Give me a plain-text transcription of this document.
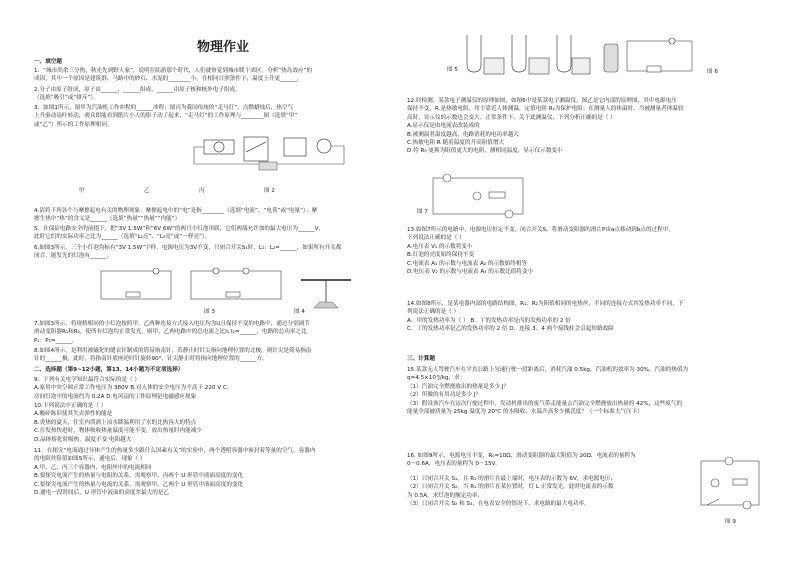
物理作业

一、填空题

1．“城市尚余三分热，秋光先到野人家”，说明在陆游那个时代，人们就察觉到城市暖于郊区。分析“热岛效应”的

成因，其中一个原因是建筑群、马路中的砂石、水泥的________小，在相同日照条件下，温度上升更______。

2.分子由原子组成，原子由______、______组成，______由原子核和核外电子组成。

（选填“吸引”或“排斥”）。

3．如图1所示，图甲为汽油机工作冲程的______冲程；图丙为我国传统的“走马灯”，点燃蜡烛后，热空气

上升驱动扇叶转动，观众即能看到纸片小人的影子动了起来，“走马灯”的工作原理与________图（选填“甲”

或“乙”）所示的工作原理相同。

甲	乙	丙	图 2

4.请将下列各个与摩擦起电有关的物理现象：摩擦起电中的“电”是指________（选填“电流”、“电荷”或“电量”）；摩

擦生热中“热”的含义是______（选填“热量”“热量”“内能”）

5．在保证电路安全的前提下，把“3V 1.5W”和“6V 6W”的两只小灯泡串联，它们两端允许加的最大电压为______V，

此时它们的实际功率之比为______（选填“L₁亮”、“L₂亮”或“一样亮”）。

6.如图3所示，三个小灯泡均标有“3V 1.5W”字样，电源电压为3V不变，只闭合开关S₁时，L₁：L₂=______，如果所有开关都

闭合，能发光的灯泡有______。

图 3	图 4

7.如图3所示，将规格相同的小灯泡按照甲、乙两种连接方式接入电压均为U且保持不变的电路中，通过分别调节

滑动变阻器R₁和R₂，使所有灯泡均正常发光，则甲、乙两电路中的总电流之比I₁:I₂=______，电路的总功率之比

P₁：P₂=______。

8.如图4所示，是利用被磁化的缝衣针制成的简易指南针，若静止时针尖指向地理位置的北极，则针尖是简易指南

针的______极，此时，将指南针底座逆时针旋转90°，针尖静止时将指向地理位置的______方。

二、选择题（第9~12小题，第13、14小题为不定项选择）

9．下列有关电学知识最符合实际的是（ ）

A.家用中央空调正常工作电压为 380V B.对人体的安全电压为不高于 220 V C.

房间灯泡中的电流约为 0.2A D.电风扇的工作原理是电磁感应现象

10.下列说法中正确的是（ ）

A.酸碎陈旧使其失去弹性的能是

B.炎热的夏天，往室内泼洒上凉水降温利用了水的比热容大的特点

C.在发热快进时，物体吸收热量温度可能不变，放出热量时内能减少

D.晶体熔化时吸热，温度不变 电阻越大

11．在探究“电流通过导体产生的热量多少跟什么因素有关”的实验中，两个透明容器中密封着等量的空气，容器内

的电阻丝阻值如图5所示，通电后，现象（ ）

A.甲、乙、丙三个容器内，电阻丝中的电流相同

B.要探究电流产生的热量与电阻的关系，需观察甲、丙两个 U 形管中液面高度的变化

C.要探究电流产生的热量与电流的关系，需观察甲、乙两个 U 形管中液面高度的变化

D.通电一段时间后，U 形管中液面的高度差最大的是乙

图 5	图 6

12.经检测，某款电子测温仪的原理如图，如图6中是某款电子测温仪，图乙是它内部的原理图，其中电源电压

保持不变，R 是热敏电阻，用于靠近人体测温，定值电阻 R₀为保护电阻；在测量人的体温时，当被测量者体温较

高时，显示仪的示数也会变大。正常条件下，关于此测温仪，下列分析正确的是（ ）

A.显示仪是由电流表改装成的

B.被测温者温度越高，电路消耗的电功率越大

C.热敏电阻 R 随着温度的升高阻值增大

D 将 R₀ 更换为阻值更大的电阻，测相同温度，显示仪示数变小

图 7

13.如图7所示的电路中，电源电压恒定不变，闭合开关S，将滑动变阻器的滑片P由a点移动到b点的过程中，

下列说法正确的是（ ）

A.电压表 V₁ 的示数将变小

B.灯泡的亮度始终保持不变

C.电流表 A₁ 的示数与电流表 A₂ 的示数始终相等

D.电压表 V₂ 的示数与电流表 A₃ 的示数比值将变小

14.如图8所示，是某电器内部的电路结构图，R₁、R₂为阻值相同的电热丝，不同的连接方式其发热功率不同，下

列说法正确的是（ ）

A．甲的发热功率为（ ） B．丁的发热功率是丙的发热功率的 2 倍

C．丁的发热功率是乙的发热功率的 2 倍 D．连接 3、4 两个接线柱会引起短路故障

三、计算题

15.某款无人驾驶汽车在平直公路上匀速行驶一段距离后，消耗汽油 0.5kg，汽油机的效率为 30%，汽油的热值为

q=4.5×10⁷J/kg，求：

（1）汽油完全燃烧放出的热量是多少 J？

（2）所做的有用功是多少 J？

（3）假设该汽车在这次行驶过程中，发动机排出的废气带走能量占汽油完全燃烧放出热量的 42%，这些废气的

能量全部被质量为 25kg 温度为 20℃ 的水吸收，水温升高多少摄氏度？（一个标准大气压下）

16. 如图9所示，电源电压不变，R₀=10Ω，滑动变阻器的最大阻值为 20Ω，电流表的量程为

0～0.6A，电压表的量程为 0～15V。

（1）只闭合开关 S₁，且 R₁ 的滑片在最上端时，电压表的示数为 6V，求电源电压；

（2）只闭合开关 S₂，当 R₁ 的滑片在某位置时，灯 L 正常发光，此时电流表的示数

为 0.5A，求灯泡的额定功率；

（3）只闭合开关 S₂ 和 S₃，在电表安全的情况下，求电路的最大电功率。

图 9
